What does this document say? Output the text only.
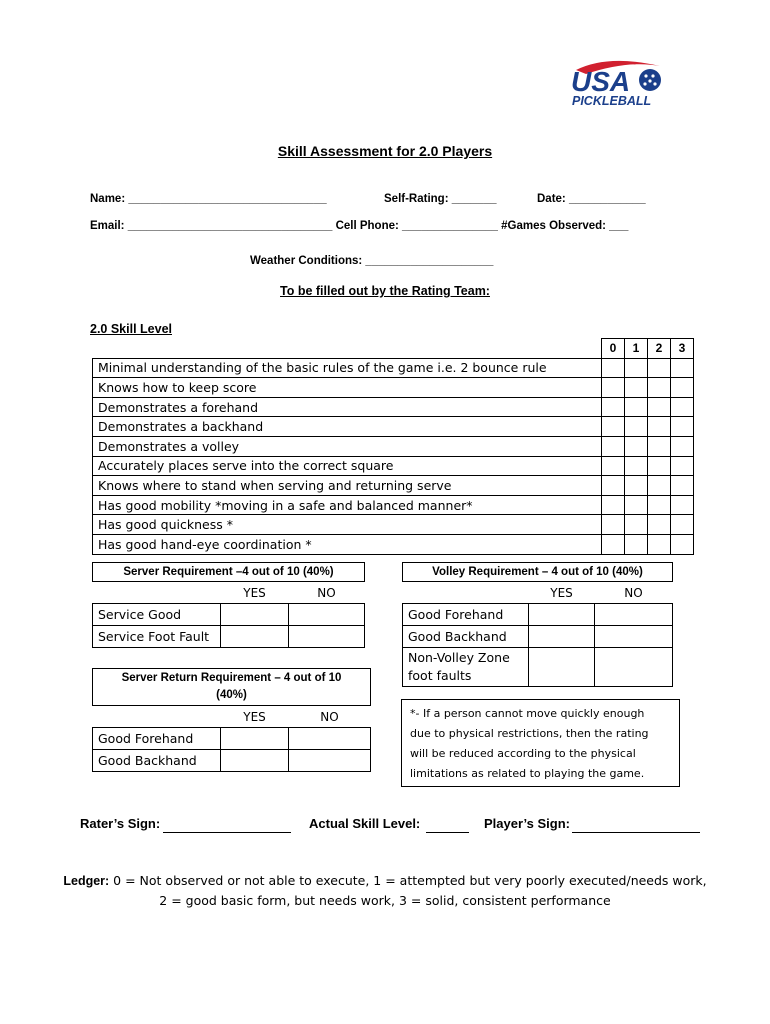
USA
PICKLEBALL
Skill Assessment for 2.0 Players
Name: _______________________________	Self-Rating: _______	Date: ____________
Email: ________________________________ Cell Phone: _______________ #Games Observed: ___
Weather Conditions: ____________________
To be filled out by the Rating Team:
2.0 Skill Level
	0	1	2	3
Minimal understanding of the basic rules of the game i.e. 2 bounce rule				
Knows how to keep score				
Demonstrates a forehand				
Demonstrates a backhand				
Demonstrates a volley				
Accurately places serve into the correct square				
Knows where to stand when serving and returning serve				
Has good mobility *moving in a safe and balanced manner*				
Has good quickness *				
Has good hand-eye coordination *				
Server Requirement –4 out of 10 (40%)		
	YES	NO
Service Good		
Service Foot Fault		
Server Return Requirement – 4 out of 10
(40%)		
	YES	NO
Good Forehand		
Good Backhand		
Volley Requirement – 4 out of 10 (40%)		
	YES	NO
Good Forehand		
Good Backhand		
Non-Volley Zone
foot faults		
*- If a person cannot move quickly enough
due to physical restrictions, then the rating
will be reduced according to the physical
limitations as related to playing the game.
Rater’s Sign:	Actual Skill Level:	Player’s Sign:
Ledger: 0 = Not observed or not able to execute, 1 = attempted but very poorly executed/needs work,
2 = good basic form, but needs work, 3 = solid, consistent performance
